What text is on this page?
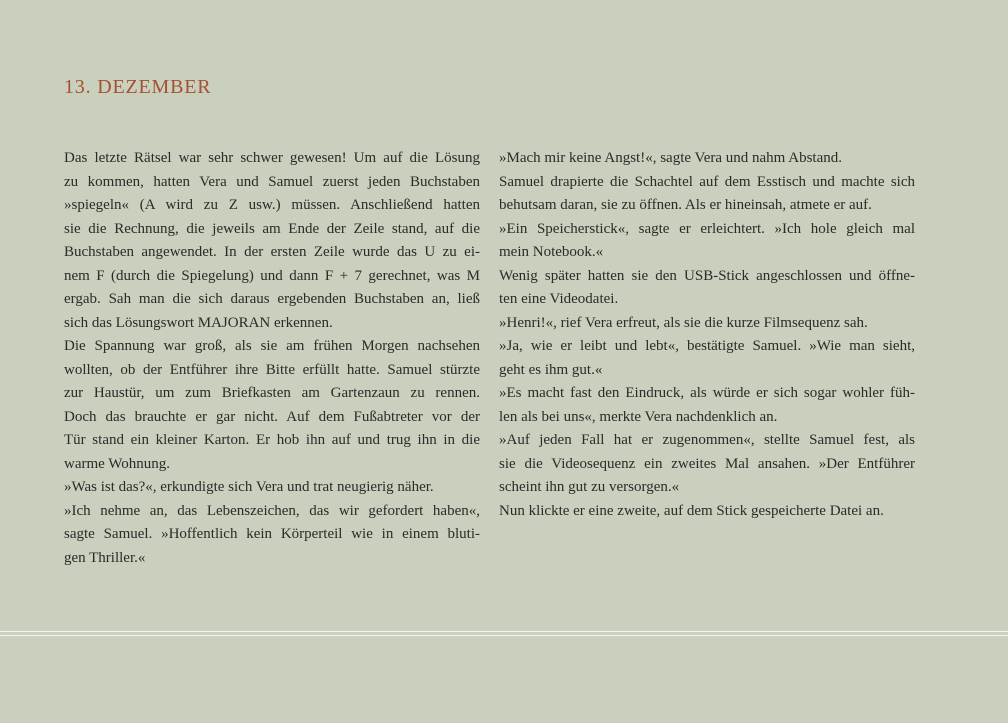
13. DEZEMBER
Das letzte Rätsel war sehr schwer gewesen! Um auf die Lösung
zu kommen, hatten Vera und Samuel zuerst jeden Buchstaben
»spiegeln« (A wird zu Z usw.) müssen. Anschließend hatten
sie die Rechnung, die jeweils am Ende der Zeile stand, auf die
Buchstaben angewendet. In der ersten Zeile wurde das U zu ei-
nem F (durch die Spiegelung) und dann F + 7 gerechnet, was M
ergab. Sah man die sich daraus ergebenden Buchstaben an, ließ
sich das Lösungswort MAJORAN erkennen.
Die Spannung war groß, als sie am frühen Morgen nachsehen
wollten, ob der Entführer ihre Bitte erfüllt hatte. Samuel stürzte
zur Haustür, um zum Briefkasten am Gartenzaun zu rennen.
Doch das brauchte er gar nicht. Auf dem Fußabtreter vor der
Tür stand ein kleiner Karton. Er hob ihn auf und trug ihn in die
warme Wohnung.
»Was ist das?«, erkundigte sich Vera und trat neugierig näher.
»Ich nehme an, das Lebenszeichen, das wir gefordert haben«,
sagte Samuel. »Hoffentlich kein Körperteil wie in einem bluti-
gen Thriller.«
»Mach mir keine Angst!«, sagte Vera und nahm Abstand.
Samuel drapierte die Schachtel auf dem Esstisch und machte sich
behutsam daran, sie zu öffnen. Als er hineinsah, atmete er auf.
»Ein Speicherstick«, sagte er erleichtert. »Ich hole gleich mal
mein Notebook.«
Wenig später hatten sie den USB-Stick angeschlossen und öffne-
ten eine Videodatei.
»Henri!«, rief Vera erfreut, als sie die kurze Filmsequenz sah.
»Ja, wie er leibt und lebt«, bestätigte Samuel. »Wie man sieht,
geht es ihm gut.«
»Es macht fast den Eindruck, als würde er sich sogar wohler füh-
len als bei uns«, merkte Vera nachdenklich an.
»Auf jeden Fall hat er zugenommen«, stellte Samuel fest, als
sie die Videosequenz ein zweites Mal ansahen. »Der Entführer
scheint ihn gut zu versorgen.«
Nun klickte er eine zweite, auf dem Stick gespeicherte Datei an.
